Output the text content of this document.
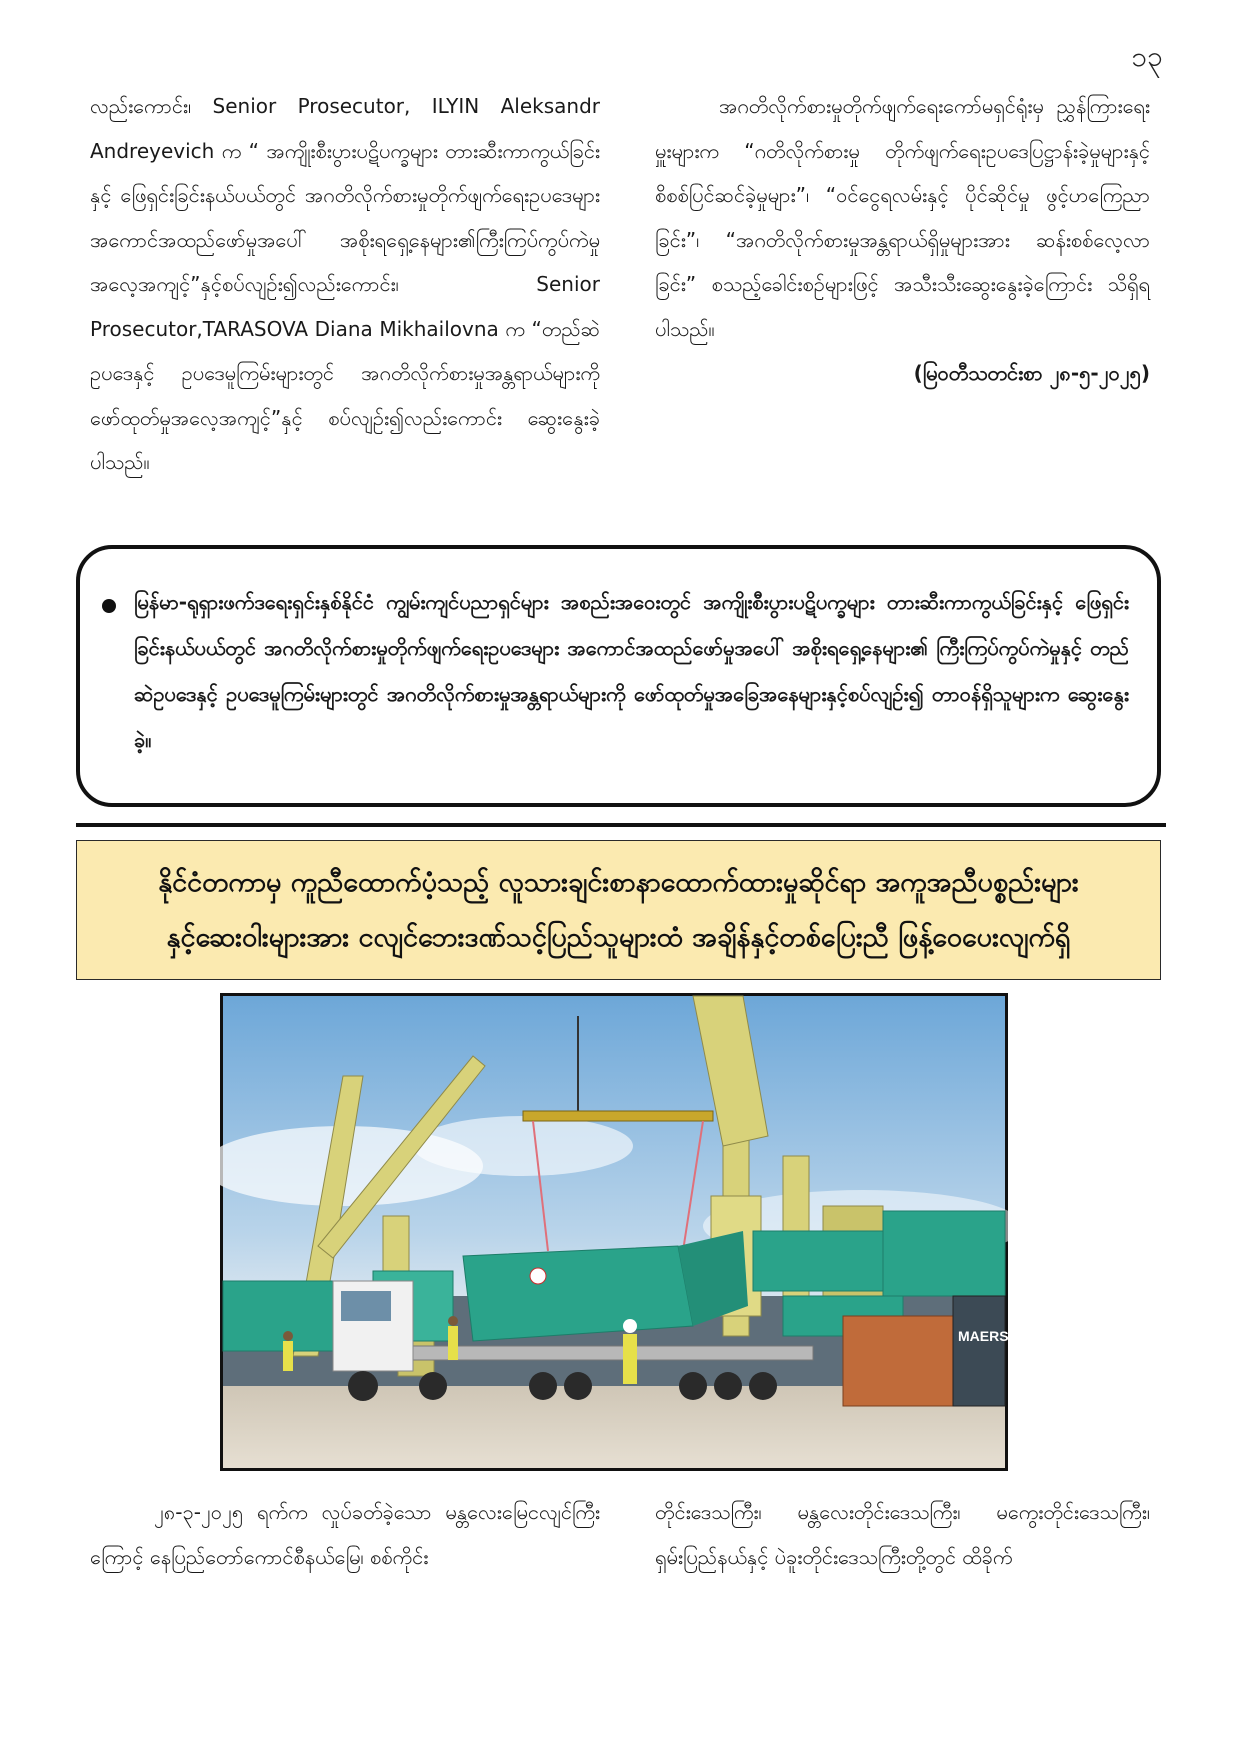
၁၃

လည်းကောင်း၊ Senior Prosecutor, ILYIN Aleksandr Andreyevich က “ အကျိုးစီးပွားပဋိပက္ခများ တားဆီးကာကွယ်ခြင်းနှင့် ဖြေရှင်းခြင်းနယ်ပယ်တွင် အဂတိလိုက်စားမှုတိုက်ဖျက်ရေးဥပဒေများ အကောင်အထည်ဖော်မှုအပေါ် အစိုးရရှေ့နေများ၏ကြီးကြပ်ကွပ်ကဲမှုအလေ့အကျင့်”နှင့်စပ်လျဉ်း၍လည်းကောင်း၊ Senior Prosecutor,TARASOVA Diana Mikhailovna က “တည်ဆဲဥပဒေနှင့် ဥပဒေမူကြမ်းများတွင် အဂတိလိုက်စားမှုအန္တရာယ်များကို ဖော်ထုတ်မှုအလေ့အကျင့်”နှင့် စပ်လျဉ်း၍လည်းကောင်း ဆွေးနွေးခဲ့ပါသည်။

အဂတိလိုက်စားမှုတိုက်ဖျက်ရေးကော်မရှင်ရုံးမှ ညွှန်ကြားရေးမှူးများက “ဂတိလိုက်စားမှု တိုက်ဖျက်ရေးဥပဒေပြဋ္ဌာန်းခဲ့မှုများနှင့် စိစစ်ပြင်ဆင်ခဲ့မှုများ”၊ “ဝင်ငွေရလမ်းနှင့် ပိုင်ဆိုင်မှု ဖွင့်ဟကြေညာခြင်း”၊ “အဂတိလိုက်စားမှုအန္တရာယ်ရှိမှုများအား ဆန်းစစ်လေ့လာခြင်း” စသည့်ခေါင်းစဉ်များဖြင့် အသီးသီးဆွေးနွေးခဲ့ကြောင်း သိရှိရပါသည်။

(မြဝတီသတင်းစာ ၂၈-၅-၂၀၂၅)

မြန်မာ-ရုရှားဖက်ဒရေးရှင်းနှစ်နိုင်ငံ ကျွမ်းကျင်ပညာရှင်များ အစည်းအဝေးတွင် အကျိုးစီးပွားပဋိပက္ခများ တားဆီးကာကွယ်ခြင်းနှင့် ဖြေရှင်းခြင်းနယ်ပယ်တွင် အဂတိလိုက်စားမှုတိုက်ဖျက်ရေးဥပဒေများ အကောင်အထည်ဖော်မှုအပေါ် အစိုးရရှေ့နေများ၏ ကြီးကြပ်ကွပ်ကဲမှုနှင့် တည်ဆဲဥပဒေနှင့် ဥပဒေမူကြမ်းများတွင် အဂတိလိုက်စားမှုအန္တရာယ်များကို ဖော်ထုတ်မှုအခြေအနေများနှင့်စပ်လျဉ်း၍ တာဝန်ရှိသူများက ဆွေးနွေးခဲ့။

နိုင်ငံတကာမှ ကူညီထောက်ပံ့သည့် လူသားချင်းစာနာထောက်ထားမှုဆိုင်ရာ အကူအညီပစ္စည်းများ
နှင့်ဆေးဝါးများအား ငလျင်ဘေးဒဏ်သင့်ပြည်သူများထံ အချိန်နှင့်တစ်ပြေးညီ ဖြန့်ဝေပေးလျက်ရှိ

MAERSK

၂၈-၃-၂၀၂၅ ရက်က လှုပ်ခတ်ခဲ့သော မန္တလေးမြေငလျင်ကြီးကြောင့် နေပြည်တော်ကောင်စီနယ်မြေ၊ စစ်ကိုင်း

တိုင်းဒေသကြီး၊ မန္တလေးတိုင်းဒေသကြီး၊ မကွေးတိုင်းဒေသကြီး၊ ရှမ်းပြည်နယ်နှင့် ပဲခူးတိုင်းဒေသကြီးတို့တွင် ထိခိုက်
